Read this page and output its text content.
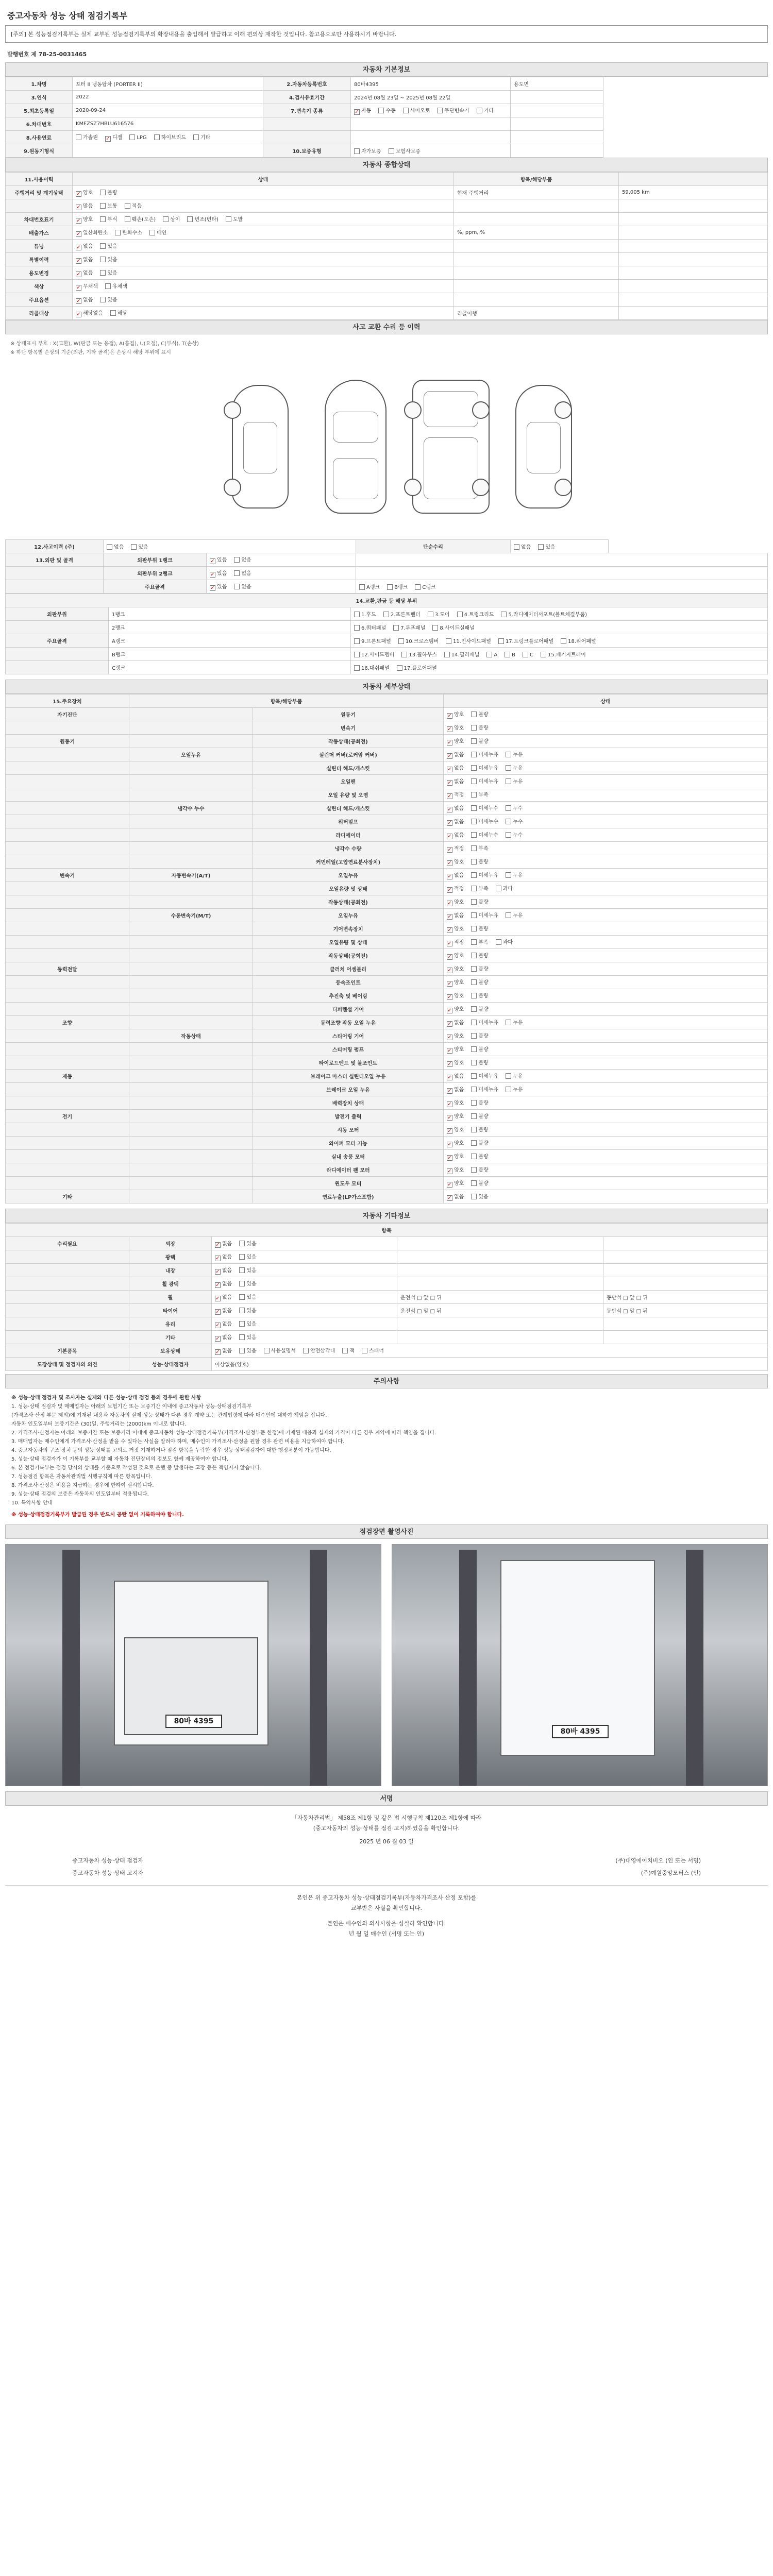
중고자동차 성능 상태 점검기록부
[주의] 본 성능점검기록부는 실제 교부된 성능점검기록부의 확장내용을 출입해서 발급하고 이해 편의상 재작한 것입니다. 참고용으로만 사용하시기 바랍니다.
발행번호 제 78-25-0031465
자동차 기본정보
1.차명	포터 II 냉동탑차 (PORTER II)	2.자동차등록번호	80바4395	용도면
3.연식	2022	4.검사유효기간	2024년 08월 23일 ~ 2025년 08월 22일	
5.최초등록일	2020-09-24	7.변속기 종류	✓ 자동 수동 세미오토 무단변속기 기타	
6.차대번호	KMFZSZ7HBLU616576			
8.사용연료	가솔린 ✓ 디젤 LPG 하이브리드 기타			
9.원동기형식		10.보증유형	자가보증 보험사보증	
자동차 종합상태
11.사용이력	상태	항목/해당부품	
주행거리 및 계기상태	✓ 양호 불량	현재 주행거리	59,005 km
	✓ 많음 보통 적음		
차대번호표기	✓ 양호 부식 훼손(오손) 상이 변조(변타) 도말		
배출가스	✓ 일산화탄소 탄화수소 매연	%, ppm, %	
튜닝	✓ 없음 있음		
특별이력	✓ 없음 있음		
용도변경	✓ 없음 있음		
색상	✓ 무채색 유채색		
주요옵션	✓ 없음 있음		
리콜대상	✓ 해당없음 해당	리콜이행	
사고 교환 수리 등 이력
※ 상태표시 부호 : X(교환), W(판금 또는 용접), A(흠집), U(요철), C(부식), T(손상)
※ 하단 항목별 손상의 기준(외판, 기타 골격)은 손상시 해당 부위에 표시
12.사고이력 (주)	없음 있음		단순수리	없음 있음
13.외판 및 골격	외판부위 1랭크	✓ 있음 없음		
	외판부위 2랭크	✓ 있음 없음		
	주요골격	✓ 있음 없음	A랭크 B랭크 C랭크	
14.교환,판금 등 해당 부위		
외판부위	1랭크	1.후드 2.프론트펜더 3.도어 4.트렁크리드 5.라디에이터서포트(볼트체결부품)
	2랭크	6.쿼터패널 7.루프패널 8.사이드실패널
주요골격	A랭크	9.프론트패널 10.크로스멤버 11.인사이드패널 17.트렁크플로어패널 18.리어패널
	B랭크	12.사이드멤버 13.휠하우스 14.필러패널 A B C 15.패키지트레이
	C랭크	16.대쉬패널 17.플로어패널
자동차 세부상태
15.주요장치	항목/해당부품		상태
자기진단		원동기	✓ 양호 불량
		변속기	✓ 양호 불량
원동기		작동상태(공회전)	✓ 양호 불량
	오일누유	실린더 커버(로커암 커버)	✓ 없음 미세누유 누유
		실린더 헤드/개스킷	✓ 없음 미세누유 누유
		오일팬	✓ 없음 미세누유 누유
		오일 유량 및 오염	✓ 적정 부족
	냉각수 누수	실린더 헤드/개스킷	✓ 없음 미세누수 누수
		워터펌프	✓ 없음 미세누수 누수
		라디에이터	✓ 없음 미세누수 누수
		냉각수 수량	✓ 적정 부족
		커먼레일(고압연료분사장치)	✓ 양호 불량
변속기	자동변속기(A/T)	오일누유	✓ 없음 미세누유 누유
		오일유량 및 상태	✓ 적정 부족 과다
		작동상태(공회전)	✓ 양호 불량
	수동변속기(M/T)	오일누유	✓ 없음 미세누유 누유
		기어변속장치	✓ 양호 불량
		오일유량 및 상태	✓ 적정 부족 과다
		작동상태(공회전)	✓ 양호 불량
동력전달		클러치 어셈블리	✓ 양호 불량
		등속조인트	✓ 양호 불량
		추진축 및 베어링	✓ 양호 불량
		디퍼렌셜 기어	✓ 양호 불량
조향		동력조향 작동 오일 누유	✓ 없음 미세누유 누유
	작동상태	스티어링 기어	✓ 양호 불량
		스티어링 펌프	✓ 양호 불량
		타이로드엔드 및 볼조인트	✓ 양호 불량
제동		브레이크 마스터 실린더오일 누유	✓ 없음 미세누유 누유
		브레이크 오일 누유	✓ 없음 미세누유 누유
		배력장치 상태	✓ 양호 불량
전기		발전기 출력	✓ 양호 불량
		시동 모터	✓ 양호 불량
		와이퍼 모터 기능	✓ 양호 불량
		실내 송풍 모터	✓ 양호 불량
		라디에이터 팬 모터	✓ 양호 불량
		윈도우 모터	✓ 양호 불량
기타		연료누출(LP가스포함)	✓ 없음 있음
자동차 기타정보
항목				
수리필요	외장	✓ 없음 있음		
	광택	✓ 없음 있음		
	내장	✓ 없음 있음		
	휠 광택	✓ 없음 있음		
	휠	✓ 없음 있음	운전석 □ 앞 □ 뒤	동반석 □ 앞 □ 뒤
	타이어	✓ 없음 있음	운전석 □ 앞 □ 뒤	동반석 □ 앞 □ 뒤
	유리	✓ 없음 있음		
	기타	✓ 없음 있음		
기본품목	보유상태	✓ 없음 있음 사용설명서 안전삼각대 잭 스패너		
도장상태 및 점검자의 의견	성능·상태점검자	이상없음(양호)		
주의사항
※ 성능·상태 점검자 및 조사자는 실제와 다른 성능·상태 점검 등의 경우에 관한 사항
1. 성능·상태 점검자 및 매매업자는 아래의 보험기간 또는 보증기간 이내에 중고자동차 성능·상태점검기록부
(가격조사·산정 부문 제외)에 기재된 내용과 자동차의 실제 성능·상태가 다른 경우 계약 또는 관계법령에 따라 매수인에 대하여 책임을 집니다.
자동차 인도일부터 보증기간은 (30)일, 주행거리는 (2000)km 이내로 합니다.
2. 가격조사·산정자는 아래의 보증기간 또는 보증거리 이내에 중고자동차 성능·상태점검기록부(가격조사·산정부문 한정)에 기재된 내용과 실제의 가격이 다른 경우 계약에 따라 책임을 집니다.
3. 매매업자는 매수인에게 가격조사·산정을 받을 수 있다는 사실을 알려야 하며, 매수인이 가격조사·산정을 원할 경우 관련 비용을 지급하여야 합니다.
4. 중고자동차의 구조·장치 등의 성능·상태를 고의로 거짓 기재하거나 점검 항목을 누락한 경우 성능·상태점검자에 대한 행정처분이 가능합니다.
5. 성능·상태 점검자가 이 기록부를 교부할 때 자동차 진단장비의 정보도 함께 제공하여야 합니다.
6. 본 점검기록부는 점검 당시의 상태를 기준으로 작성된 것으로 운행 중 발생하는 고장 등은 책임지지 않습니다.
7. 성능점검 항목은 자동차관리법 시행규칙에 따른 항목입니다.
8. 가격조사·산정은 비용을 지급하는 경우에 한하여 실시합니다.
9. 성능·상태 점검의 보증은 자동차의 인도일부터 적용됩니다.
10. 특약사항 안내
※ 성능·상태점검기록부가 발급된 경우 반드시 공란 없이 기록하여야 합니다.
점검장면 촬영사진
80바 4395
80바 4395
서명
「자동차관리법」 제58조 제1항 및 같은 법 시행규칙 제120조 제1항에 따라
(중고자동차의 성능·상태를 점검·고지)하였음을 확인합니다.
2025 년 06 월 03 일
중고자동차 성능·상태 점검자	(주)대영에이치비오 (인 또는 서명)
중고자동차 성능·상태 고지자	(주)예원중앙모터스 (인)
본인은 위 중고자동차 성능·상태점검기록부(자동차가격조사·산정 포함)를
교부받은 사실을 확인합니다.
본인은 매수인의 의사사항을 성실히 확인합니다.
년 월 일 매수인 (서명 또는 인)
